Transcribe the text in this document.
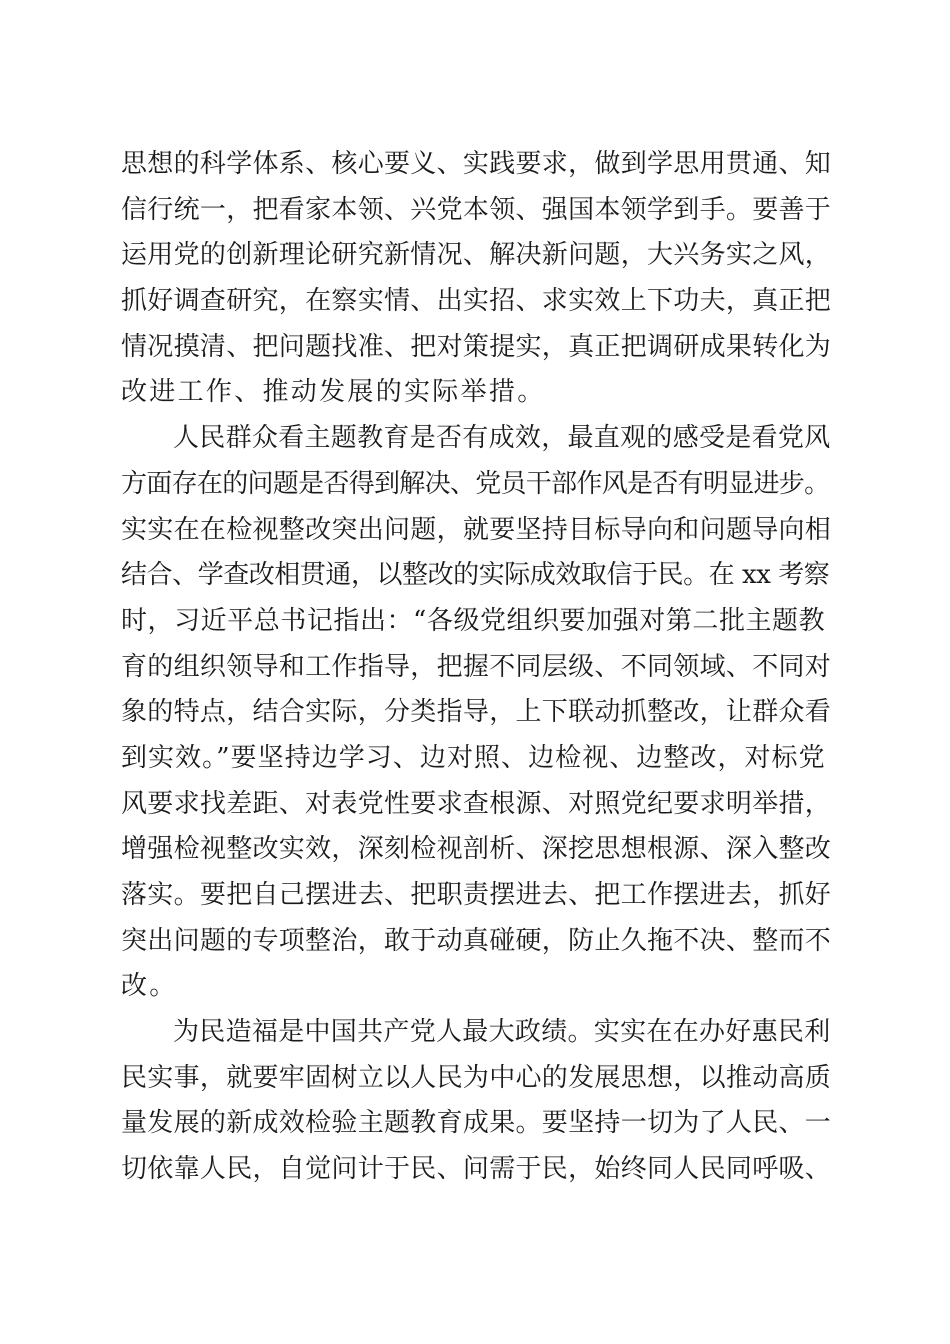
思想的科学体系、核心要义、实践要求，做到学思用贯通、知
信行统一，把看家本领、兴党本领、强国本领学到手。要善于
运用党的创新理论研究新情况、解决新问题，大兴务实之风，
抓好调查研究，在察实情、出实招、求实效上下功夫，真正把
情况摸清、把问题找准、把对策提实，真正把调研成果转化为
改进工作、推动发展的实际举措。
人民群众看主题教育是否有成效，最直观的感受是看党风
方面存在的问题是否得到解决、党员干部作风是否有明显进步。
实实在在检视整改突出问题，就要坚持目标导向和问题导向相
结合、学查改相贯通，以整改的实际成效取信于民。在 xx 考察
时，习近平总书记指出：“各级党组织要加强对第二批主题教
育的组织领导和工作指导，把握不同层级、不同领域、不同对
象的特点，结合实际，分类指导，上下联动抓整改，让群众看
到实效。”要坚持边学习、边对照、边检视、边整改，对标党
风要求找差距、对表党性要求查根源、对照党纪要求明举措，
增强检视整改实效，深刻检视剖析、深挖思想根源、深入整改
落实。要把自己摆进去、把职责摆进去、把工作摆进去，抓好
突出问题的专项整治，敢于动真碰硬，防止久拖不决、整而不
改。
为民造福是中国共产党人最大政绩。实实在在办好惠民利
民实事，就要牢固树立以人民为中心的发展思想，以推动高质
量发展的新成效检验主题教育成果。要坚持一切为了人民、一
切依靠人民，自觉问计于民、问需于民，始终同人民同呼吸、
